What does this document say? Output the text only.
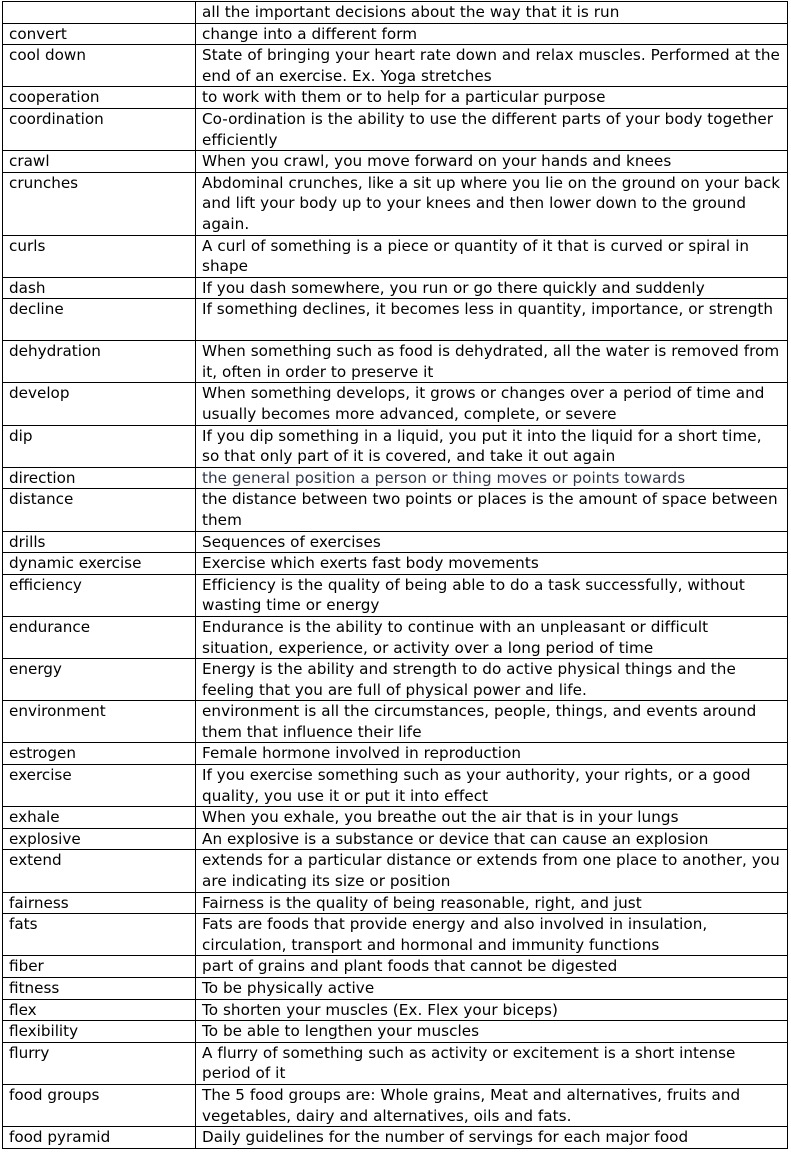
	all the important decisions about the way that it is run
convert	change into a different form
cool down	State of bringing your heart rate down and relax muscles. Performed at the end of an exercise. Ex. Yoga stretches
cooperation	to work with them or to help for a particular purpose
coordination	Co-ordination is the ability to use the different parts of your body together efficiently
crawl	When you crawl, you move forward on your hands and knees
crunches	Abdominal crunches, like a sit up where you lie on the ground on your back and lift your body up to your knees and then lower down to the ground again.
curls	A curl of something is a piece or quantity of it that is curved or spiral in shape
dash	If you dash somewhere, you run or go there quickly and suddenly
decline	If something declines, it becomes less in quantity, importance, or strength
dehydration	When something such as food is dehydrated, all the water is removed from it, often in order to preserve it
develop	When something develops, it grows or changes over a period of time and usually becomes more advanced, complete, or severe
dip	If you dip something in a liquid, you put it into the liquid for a short time, so that only part of it is covered, and take it out again
direction	the general position a person or thing moves or points towards
distance	the distance between two points or places is the amount of space between them
drills	Sequences of exercises
dynamic exercise	Exercise which exerts fast body movements
efficiency	Efficiency is the quality of being able to do a task successfully, without wasting time or energy
endurance	Endurance is the ability to continue with an unpleasant or difficult situation, experience, or activity over a long period of time
energy	Energy is the ability and strength to do active physical things and the feeling that you are full of physical power and life.
environment	environment is all the circumstances, people, things, and events around them that influence their life
estrogen	Female hormone involved in reproduction
exercise	If you exercise something such as your authority, your rights, or a good quality, you use it or put it into effect
exhale	When you exhale, you breathe out the air that is in your lungs
explosive	An explosive is a substance or device that can cause an explosion
extend	extends for a particular distance or extends from one place to another, you are indicating its size or position
fairness	Fairness is the quality of being reasonable, right, and just
fats	Fats are foods that provide energy and also involved in insulation, circulation, transport and hormonal and immunity functions
fiber	part of grains and plant foods that cannot be digested
fitness	To be physically active
flex	To shorten your muscles (Ex. Flex your biceps)
flexibility	To be able to lengthen your muscles
flurry	A flurry of something such as activity or excitement is a short intense period of it
food groups	The 5 food groups are: Whole grains, Meat and alternatives, fruits and vegetables, dairy and alternatives, oils and fats.
food pyramid	Daily guidelines for the number of servings for each major food
